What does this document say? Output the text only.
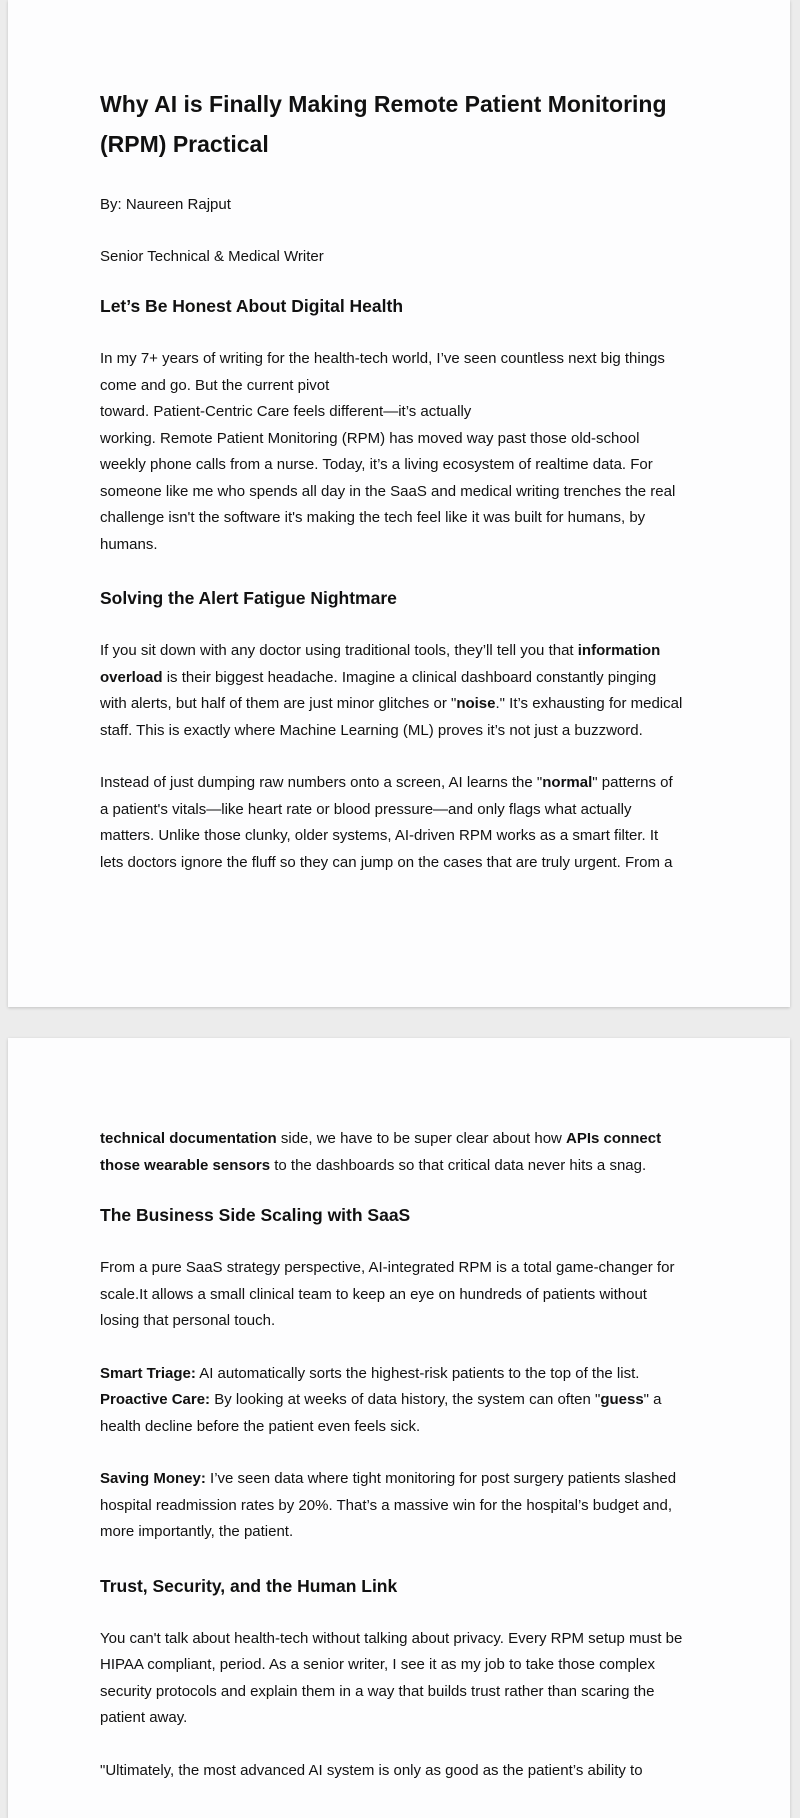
Why AI is Finally Making Remote Patient Monitoring
(RPM) Practical

By: Naureen Rajput

Senior Technical & Medical Writer

Let’s Be Honest About Digital Health

In my 7+ years of writing for the health-tech world, I’ve seen countless next big things
come and go. But the current pivot
toward. Patient-Centric Care feels different—it’s actually
working. Remote Patient Monitoring (RPM) has moved way past those old-school
weekly phone calls from a nurse. Today, it’s a living ecosystem of realtime data. For
someone like me who spends all day in the SaaS and medical writing trenches the real
challenge isn't the software it's making the tech feel like it was built for humans, by
humans.

Solving the Alert Fatigue Nightmare

If you sit down with any doctor using traditional tools, they’ll tell you that information
overload is their biggest headache. Imagine a clinical dashboard constantly pinging
with alerts, but half of them are just minor glitches or "noise." It’s exhausting for medical
staff. This is exactly where Machine Learning (ML) proves it’s not just a buzzword.

Instead of just dumping raw numbers onto a screen, AI learns the "normal" patterns of
a patient's vitals—like heart rate or blood pressure—and only flags what actually
matters. Unlike those clunky, older systems, AI-driven RPM works as a smart filter. It
lets doctors ignore the fluff so they can jump on the cases that are truly urgent. From a

technical documentation side, we have to be super clear about how APIs connect
those wearable sensors to the dashboards so that critical data never hits a snag.

The Business Side Scaling with SaaS

From a pure SaaS strategy perspective, AI-integrated RPM is a total game-changer for
scale.It allows a small clinical team to keep an eye on hundreds of patients without
losing that personal touch.

Smart Triage: AI automatically sorts the highest-risk patients to the top of the list.
Proactive Care: By looking at weeks of data history, the system can often "guess" a
health decline before the patient even feels sick.

Saving Money: I’ve seen data where tight monitoring for post surgery patients slashed
hospital readmission rates by 20%. That’s a massive win for the hospital’s budget and,
more importantly, the patient.

Trust, Security, and the Human Link

You can't talk about health-tech without talking about privacy. Every RPM setup must be
HIPAA compliant, period. As a senior writer, I see it as my job to take those complex
security protocols and explain them in a way that builds trust rather than scaring the
patient away.

"Ultimately, the most advanced AI system is only as good as the patient’s ability to
